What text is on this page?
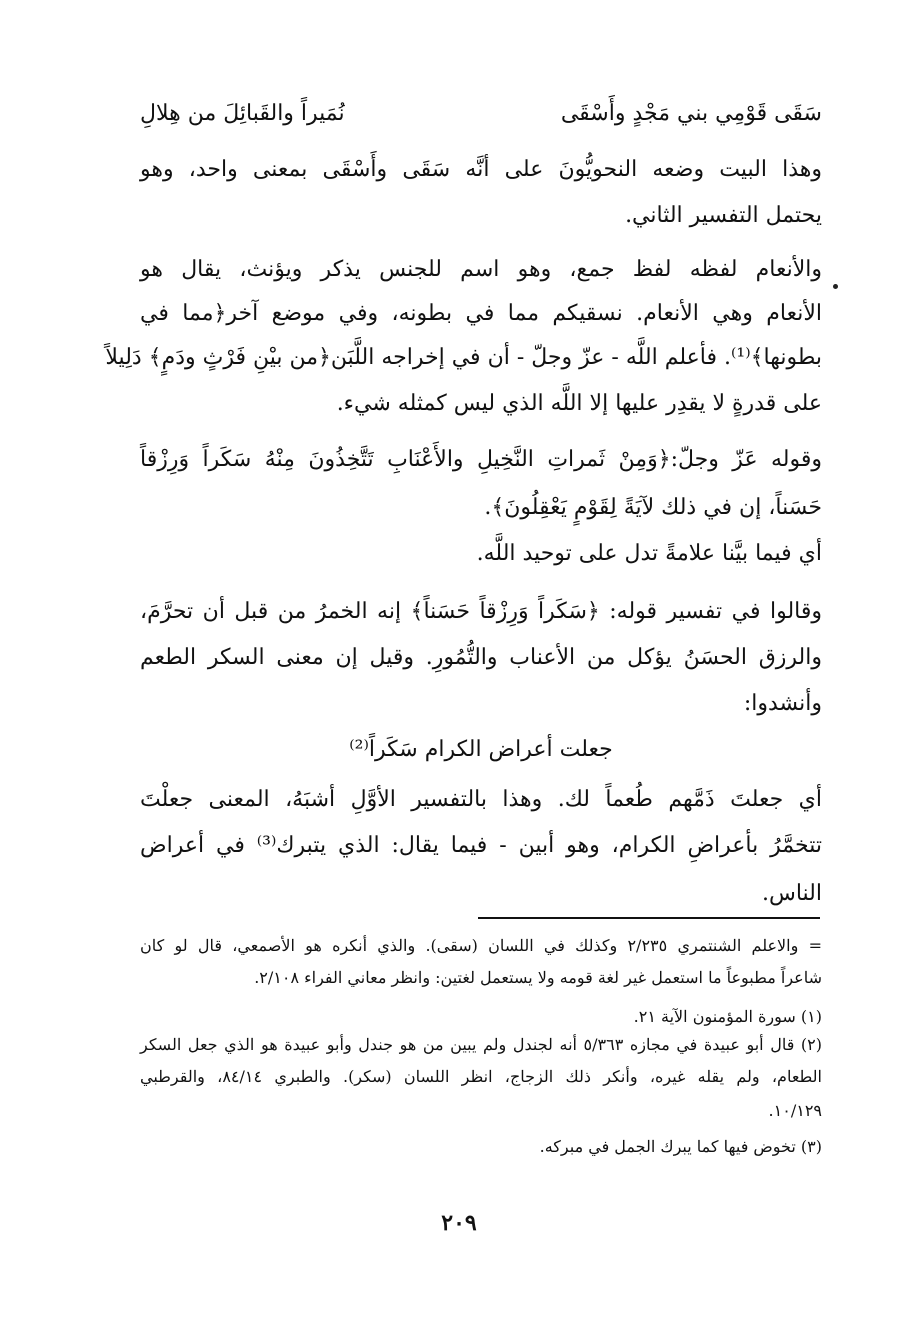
سَقَى قَوْمِي بني مَجْدٍ وأَسْقَى
نُمَيراً والقَبائِلَ من هِلالِ
وهذا البيت وضعه النحويُّونَ على أنَّه سَقَى وأَسْقَى بمعنى واحد، وهو
يحتمل التفسير الثاني.
والأنعام لفظه لفظ جمع، وهو اسم للجنس يذكر ويؤنث، يقال هو
الأنعام وهي الأنعام. نسقيكم مما في بطونه، وفي موضع آخر﴿مما في
بطونها﴾⁽¹⁾. فأعلم اللَّه - عزّ وجلّ - أن في إخراجه اللَّبَن﴿من بيْنِ فَرْثٍ ودَمٍ﴾ دَلِيلاً
على قدرةٍ لا يقدِر عليها إلا اللَّه الذي ليس كمثله شيء.
وقوله عَزّ وجلّ:﴿وَمِنْ ثَمراتِ النَّخِيلِ والأَعْنَابِ تَتَّخِذُونَ مِنْهُ سَكَراً وَرِزْقاً
حَسَناً، إن في ذلك لآيَةً لِقَوْمٍ يَعْقِلُونَ﴾.
أي فيما بيَّنا علامةً تدل على توحيد اللَّه.
وقالوا في تفسير قوله: ﴿سَكَراً وَرِزْقاً حَسَناً﴾ إنه الخمرُ من قبل أن تحرَّمَ،
والرزق الحسَنُ يؤكل من الأعناب والتُّمُورِ. وقيل إن معنى السكر الطعم
وأنشدوا:
جعلت أعراض الكرام سَكَراً⁽²⁾
أي جعلتَ ذَمَّهم طُعماً لك. وهذا بالتفسير الأوَّلِ أشبَهُ، المعنى جعلْتَ
تتخمَّرُ بأعراضِ الكرام، وهو أبين - فيما يقال: الذي يتبرك⁽³⁾ في أعراض
الناس.
= والاعلم الشنتمري ٢/٢٣٥ وكذلك في اللسان (سقى). والذي أنكره هو الأصمعي، قال لو كان
شاعراً مطبوعاً ما استعمل غير لغة قومه ولا يستعمل لغتين: وانظر معاني الفراء ٢/١٠٨.
(١) سورة المؤمنون الآية ٢١.
(٢) قال أبو عبيدة في مجازه ٥/٣٦٣ أنه لجندل ولم يبين من هو جندل وأبو عبيدة هو الذي جعل السكر
الطعام، ولم يقله غيره، وأنكر ذلك الزجاج، انظر اللسان (سكر). والطبري ٨٤/١٤، والقرطبي
١٠/١٢٩.
(٣) تخوض فيها كما يبرك الجمل في مبركه.
٢٠٩
